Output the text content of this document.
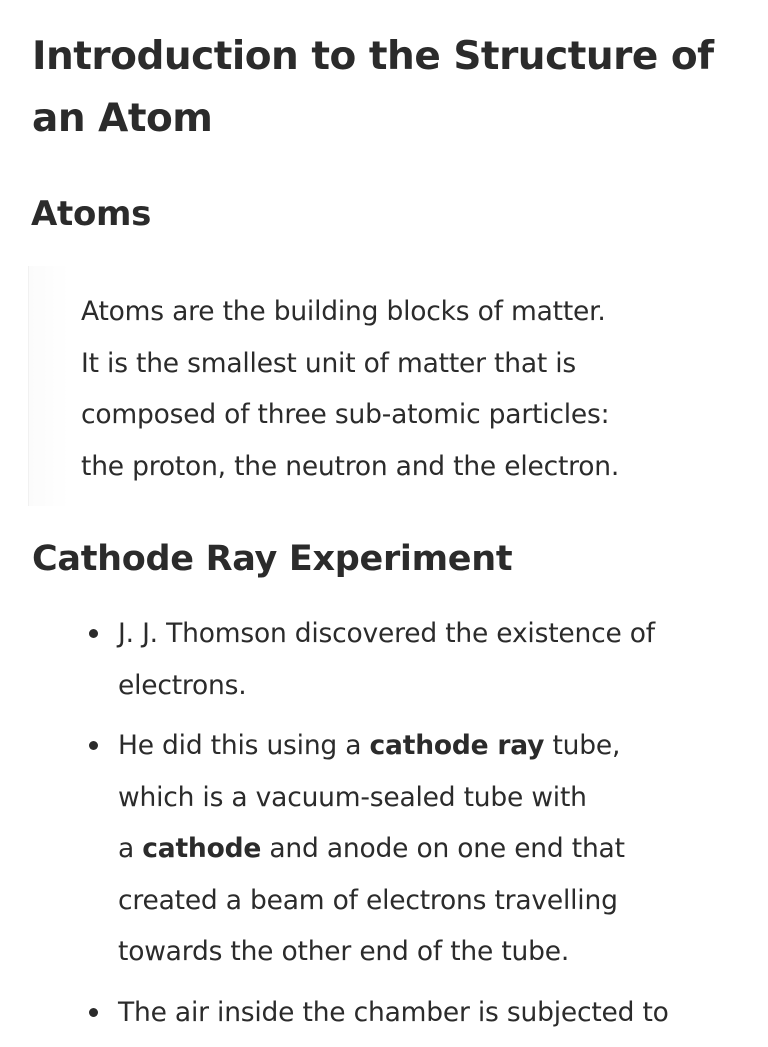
Introduction to the Structure of an Atom
Atoms

Atoms are the building blocks of matter.
It is the smallest unit of matter that is
composed of three sub-atomic particles:
the proton, the neutron and the electron.

Cathode Ray Experiment
J. J. Thomson discovered the existence of
electrons.
He did this using a cathode ray tube,
which is a vacuum-sealed tube with
a cathode and anode on one end that
created a beam of electrons travelling
towards the other end of the tube.
The air inside the chamber is subjected to
